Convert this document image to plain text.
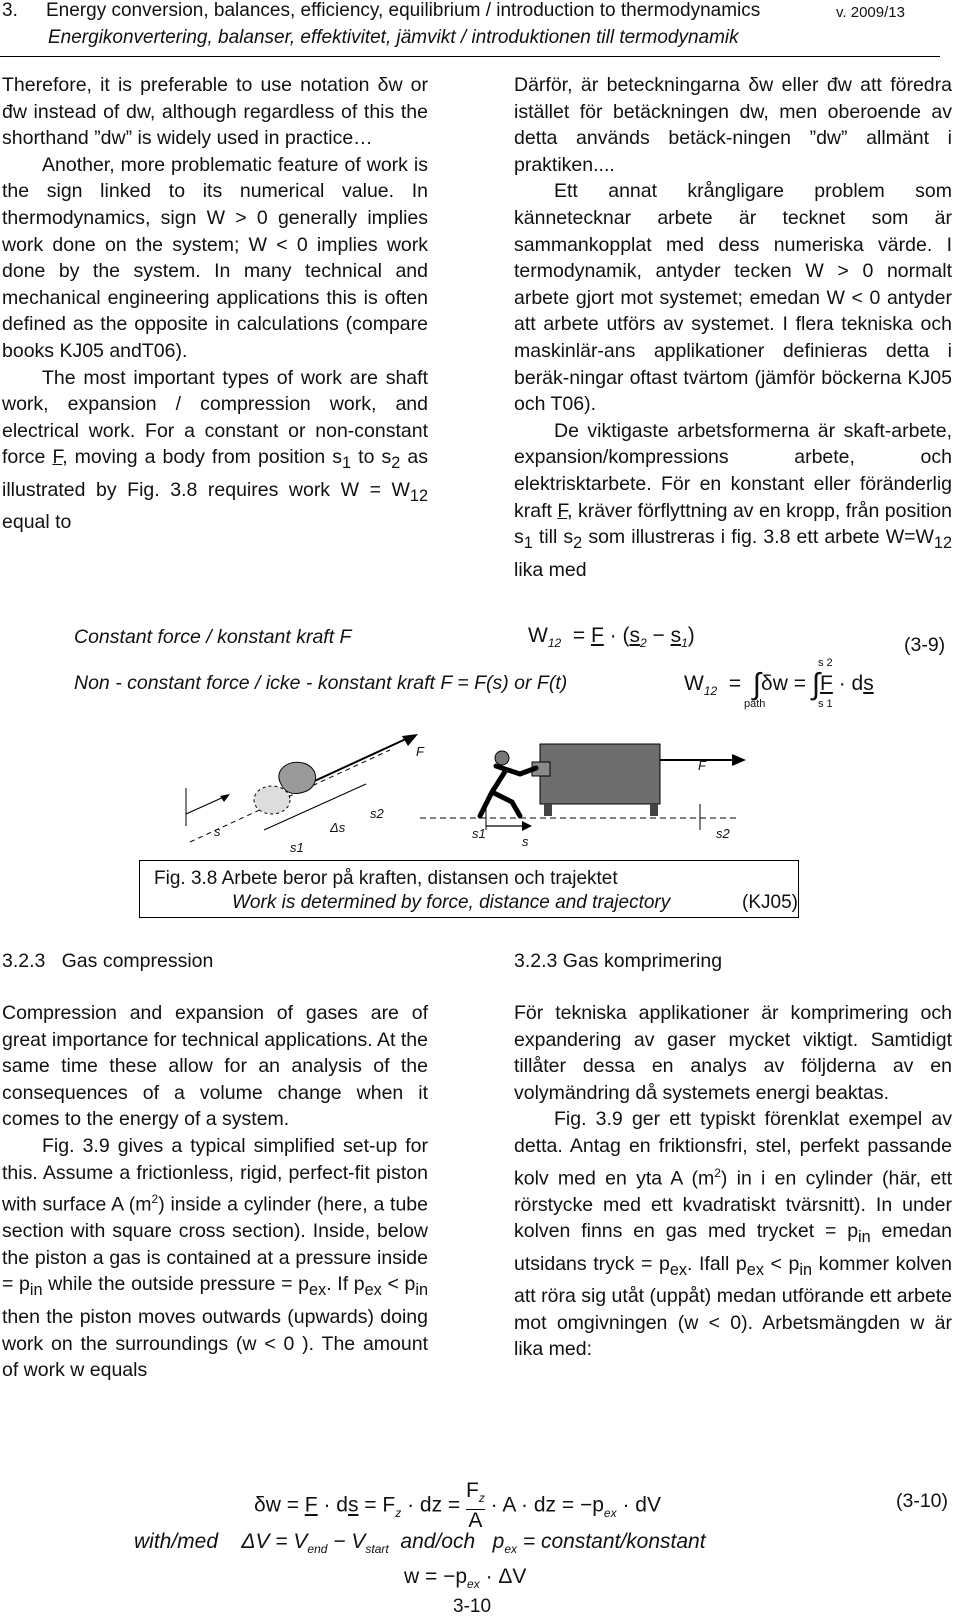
3. Energy conversion, balances, efficiency, equilibrium / introduction to thermodynamics	v. 2009/13
Energikonvertering, balanser, effektivitet, jämvikt / introduktionen till termodynamik

Therefore, it is preferable to use notation δw or đw instead of dw, although regardless of this the shorthand ”dw” is widely used in practice…

Another, more problematic feature of work is the sign linked to its numerical value. In thermodynamics, sign W > 0 generally implies work done on the system; W < 0 implies work done by the system. In many technical and mechanical engineering applications this is often defined as the opposite in calculations (compare books KJ05 andT06).

The most important types of work are shaft work, expansion / compression work, and electrical work. For a constant or non-constant force F, moving a body from position $s_1$ to $s_2$ as illustrated by Fig. 3.8 requires work $W = W_{12}$ equal to

Därför, är beteckningarna δw eller đw att föredra istället för betäckningen dw, men oberoende av detta används betäck-ningen ”dw” allmänt i praktiken....

Ett annat krångligare problem som kännetecknar arbete är tecknet som är sammankopplat med dess numeriska värde. I termodynamik, antyder tecken W > 0 normalt arbete gjort mot systemet; emedan W < 0 antyder att arbete utförs av systemet. I flera tekniska och maskinlär-ans applikationer definieras detta i beräk-ningar oftast tvärtom (jämför böckerna KJ05 och T06).

De viktigaste arbetsformerna är skaft-arbete, expansion/kompressions arbete, och elektrisktarbete. För en konstant eller föränderlig kraft F, kräver förflyttning av en kropp, från position $s_1$ till $s_2$ som illustreras i fig. 3.8 ett arbete $W=W_{12}$ lika med

Constant force / konstant kraft F	$W_{12} = F \cdot (s_2 - s_1)$	(3-9)
Non - constant force / icke - konstant kraft F = F(s) or F(t)	$W_{12} = \int\delta w = \int F$ · ds
s 2
path	s 1
F
s2
Δs
s
s1
F
s1
s
s2
Fig. 3.8 Arbete beror på kraften, distansen och trajektet
Work is determined by force, distance and trajectory	(KJ05)
3.2.3 Gas compression	3.2.3 Gas komprimering

Compression and expansion of gases are of great importance for technical applications. At the same time these allow for an analysis of the consequences of a volume change when it comes to the energy of a system.

Fig. 3.9 gives a typical simplified set-up for this. Assume a frictionless, rigid, perfect-fit piston with surface A $(m^2)$ inside a cylinder (here, a tube section with square cross section). Inside, below the piston a gas is contained at a pressure inside = $p_{in}$ while the outside pressure = $p_{ex}$. If $p_{ex} < p_{in}$ then the piston moves outwards (upwards) doing work on the surroundings (w < 0 ). The amount of work w equals

För tekniska applikationer är komprimering och expandering av gaser mycket viktigt. Samtidigt tillåter dessa en analys av följderna av en volymändring då systemets energi beaktas.

Fig. 3.9 ger ett typiskt förenklat exempel av detta. Antag en friktionsfri, stel, perfekt passande kolv med en yta A $(m^2)$ in i en cylinder (här, ett rörstycke med ett kvadratiskt tvärsnitt). In under kolven finns en gas med trycket = $p_{in}$ emedan utsidans tryck = $p_{ex}$. Ifall $p_{ex} < p_{in}$ kommer kolven att röra sig utåt (uppåt) medan utförande ett arbete mot omgivningen (w < 0). Arbetsmängden w är lika med:

δw = F · ds = $F_z$ · dz = $\frac{F_z}{A} \cdot A$ · dz = $-p_{ex}$ · dV	(3-10)
with/med    $\Delta V = V_{end} - V_{start}$ and/och   $p_{ex}$ = constant/konstant
$w = -p_{ex} \cdot \Delta V$
3-10
